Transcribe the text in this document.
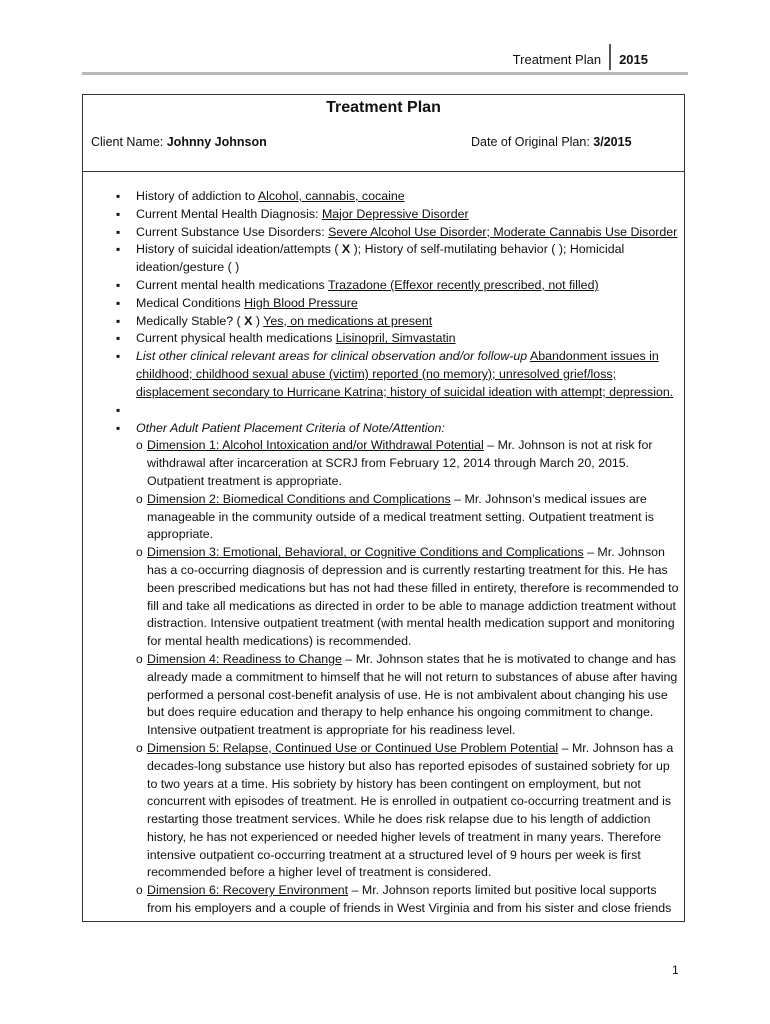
Treatment Plan	2015
Treatment Plan
Client Name: Johnny Johnson	Date of Original Plan: 3/2015
▪ History of addiction to Alcohol, cannabis, cocaine
▪ Current Mental Health Diagnosis: Major Depressive Disorder
▪ Current Substance Use Disorders: Severe Alcohol Use Disorder; Moderate Cannabis Use Disorder
▪ History of suicidal ideation/attempts ( X ); History of self-mutilating behavior ( ); Homicidal ideation/gesture ( )
▪ Current mental health medications Trazadone (Effexor recently prescribed, not filled)
▪ Medical Conditions High Blood Pressure
▪ Medically Stable? ( X ) Yes, on medications at present
▪ Current physical health medications Lisinopril, Simvastatin
▪ List other clinical relevant areas for clinical observation and/or follow-up Abandonment issues in childhood; childhood sexual abuse (victim) reported (no memory); unresolved grief/loss; displacement secondary to Hurricane Katrina; history of suicidal ideation with attempt; depression.
▪
▪ Other Adult Patient Placement Criteria of Note/Attention:
o Dimension 1: Alcohol Intoxication and/or Withdrawal Potential – Mr. Johnson is not at risk for withdrawal after incarceration at SCRJ from February 12, 2014 through March 20, 2015. Outpatient treatment is appropriate.
o Dimension 2: Biomedical Conditions and Complications – Mr. Johnson’s medical issues are manageable in the community outside of a medical treatment setting. Outpatient treatment is appropriate.
o Dimension 3: Emotional, Behavioral, or Cognitive Conditions and Complications – Mr. Johnson has a co-occurring diagnosis of depression and is currently restarting treatment for this. He has been prescribed medications but has not had these filled in entirety, therefore is recommended to fill and take all medications as directed in order to be able to manage addiction treatment without distraction. Intensive outpatient treatment (with mental health medication support and monitoring for mental health medications) is recommended.
o Dimension 4: Readiness to Change – Mr. Johnson states that he is motivated to change and has already made a commitment to himself that he will not return to substances of abuse after having performed a personal cost-benefit analysis of use. He is not ambivalent about changing his use but does require education and therapy to help enhance his ongoing commitment to change. Intensive outpatient treatment is appropriate for his readiness level.
o Dimension 5: Relapse, Continued Use or Continued Use Problem Potential – Mr. Johnson has a decades-long substance use history but also has reported episodes of sustained sobriety for up to two years at a time. His sobriety by history has been contingent on employment, but not concurrent with episodes of treatment. He is enrolled in outpatient co-occurring treatment and is restarting those treatment services. While he does risk relapse due to his length of addiction history, he has not experienced or needed higher levels of treatment in many years. Therefore intensive outpatient co-occurring treatment at a structured level of 9 hours per week is first recommended before a higher level of treatment is considered.
o Dimension 6: Recovery Environment – Mr. Johnson reports limited but positive local supports from his employers and a couple of friends in West Virginia and from his sister and close friends
1
